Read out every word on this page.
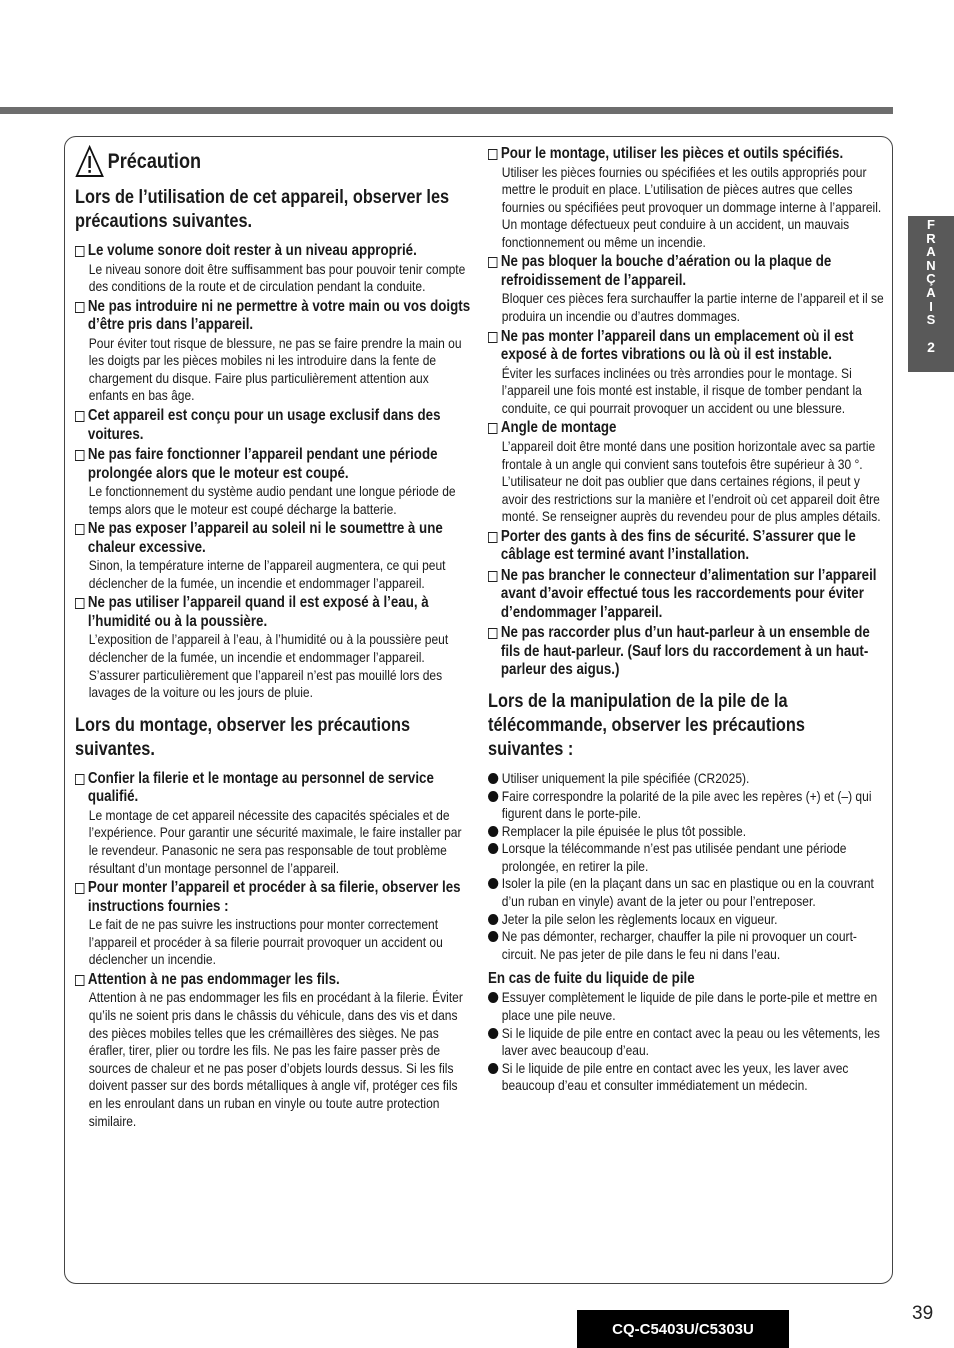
Précaution
Lors de l’utilisation de cet appareil, observer les précautions suivantes.
Le volume sonore doit rester à un niveau approprié.

Le niveau sonore doit être suffisamment bas pour pouvoir tenir compte des conditions de la route et de circulation pendant la conduite.

Ne pas introduire ni ne permettre à votre main ou vos doigts d’être pris dans l’appareil.

Pour éviter tout risque de blessure, ne pas se faire prendre la main ou les doigts par les pièces mobiles ni les introduire dans la fente de chargement du disque. Faire plus particulièrement attention aux enfants en bas âge.

Cet appareil est conçu pour un usage exclusif dans des voitures.
Ne pas faire fonctionner l’appareil pendant une période prolongée alors que le moteur est coupé.

Le fonctionnement du système audio pendant une longue période de temps alors que le moteur est coupé décharge la batterie.

Ne pas exposer l’appareil au soleil ni le soumettre à une chaleur excessive.

Sinon, la température interne de l’appareil augmentera, ce qui peut déclencher de la fumée, un incendie et endommager l’appareil.

Ne pas utiliser l’appareil quand il est exposé à l’eau, à l’humidité ou à la poussière.

L’exposition de l’appareil à l’eau, à l’humidité ou à la poussière peut déclencher de la fumée, un incendie et endommager l’appareil. S’assurer particulièrement que l’appareil n’est pas mouillé lors des lavages de la voiture ou les jours de pluie.

Lors du montage, observer les précautions suivantes.
Confier la filerie et le montage au personnel de service qualifié.

Le montage de cet appareil nécessite des capacités spéciales et de l’expérience. Pour garantir une sécurité maximale, le faire installer par le revendeur. Panasonic ne sera pas responsable de tout problème résultant d’un montage personnel de l’appareil.

Pour monter l’appareil et procéder à sa filerie, observer les instructions fournies :

Le fait de ne pas suivre les instructions pour monter correctement l’appareil et procéder à sa filerie pourrait provoquer un accident ou déclencher un incendie.

Attention à ne pas endommager les fils.

Attention à ne pas endommager les fils en procédant à la filerie. Éviter qu’ils ne soient pris dans le châssis du véhicule, dans des vis et dans des pièces mobiles telles que les crémaillères des sièges. Ne pas érafler, tirer, plier ou tordre les fils. Ne pas les faire passer près de sources de chaleur et ne pas poser d’objets lourds dessus. Si les fils doivent passer sur des bords métalliques à angle vif, protéger ces fils en les enroulant dans un ruban en vinyle ou toute autre protection similaire.

Pour le montage, utiliser les pièces et outils spécifiés.

Utiliser les pièces fournies ou spécifiées et les outils appropriés pour mettre le produit en place. L’utilisation de pièces autres que celles fournies ou spécifiées peut provoquer un dommage interne à l’appareil. Un montage défectueux peut conduire à un accident, un mauvais fonctionnement ou même un incendie.

Ne pas bloquer la bouche d’aération ou la plaque de refroidissement de l’appareil.

Bloquer ces pièces fera surchauffer la partie interne de l’appareil et il se produira un incendie ou d’autres dommages.

Ne pas monter l’appareil dans un emplacement où il est exposé à de fortes vibrations ou là où il est instable.

Éviter les surfaces inclinées ou très arrondies pour le montage. Si l’appareil une fois monté est instable, il risque de tomber pendant la conduite, ce qui pourrait provoquer un accident ou une blessure.

Angle de montage

L’appareil doit être monté dans une position horizontale avec sa partie frontale à un angle qui convient sans toutefois être supérieur à 30 °.

L’utilisateur ne doit pas oublier que dans certaines régions, il peut y avoir des restrictions sur la manière et l’endroit où cet appareil doit être monté. Se renseigner auprès du revendeu pour de plus amples détails.

Porter des gants à des fins de sécurité. S’assurer que le câblage est terminé avant l’installation.
Ne pas brancher le connecteur d’alimentation sur l’appareil avant d’avoir effectué tous les raccordements pour éviter d’endommager l’appareil.
Ne pas raccorder plus d’un haut-parleur à un ensemble de fils de haut-parleur. (Sauf lors du raccordement à un haut-parleur des aigus.)
Lors de la manipulation de la pile de la télécommande, observer les précautions suivantes :
Utiliser uniquement la pile spécifiée (CR2025).
Faire correspondre la polarité de la pile avec les repères (+) et (–) qui figurent dans le porte-pile.
Remplacer la pile épuisée le plus tôt possible.
Lorsque la télécommande n’est pas utilisée pendant une période prolongée, en retirer la pile.
Isoler la pile (en la plaçant dans un sac en plastique ou en la couvrant d’un ruban en vinyle) avant de la jeter ou pour l’entreposer.
Jeter la pile selon les règlements locaux en vigueur.
Ne pas démonter, recharger, chauffer la pile ni provoquer un court-circuit. Ne pas jeter de pile dans le feu ni dans l’eau.
En cas de fuite du liquide de pile
Essuyer complètement le liquide de pile dans le porte-pile et mettre en place une pile neuve.
Si le liquide de pile entre en contact avec la peau ou les vêtements, les laver avec beaucoup d’eau.
Si le liquide de pile entre en contact avec les yeux, les laver avec beaucoup d’eau et consulter immédiatement un médecin.
F
R
A
N
Ç
A
I
S
2
39
CQ-C5403U/C5303U
